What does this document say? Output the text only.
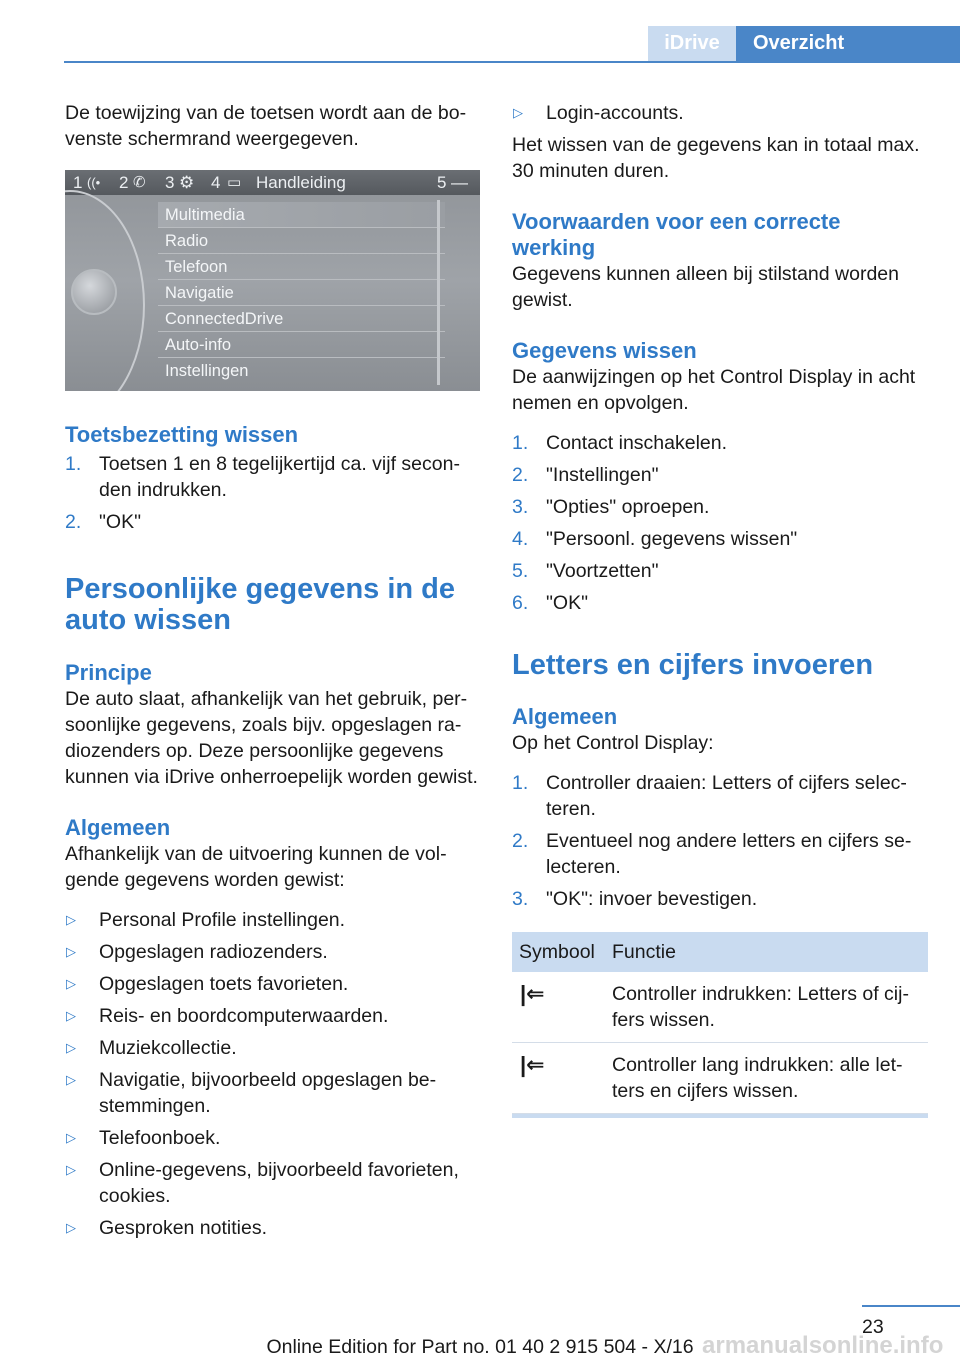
iDrive	Overzicht

De toewijzing van de toetsen wordt aan de bovenste schermrand weergegeven.

1 ((• 2 ✆ 3 ⚙ 4 ▭ Handleiding	5 —
Multimedia
Radio
Telefoon
Navigatie
ConnectedDrive
Auto-info
Instellingen
Toetsbezetting wissen
1. Toetsen 1 en 8 tegelijkertijd ca. vijf seconden indrukken.
2. "OK"
Persoonlijke gegevens in de auto wissen
Principe

De auto slaat, afhankelijk van het gebruik, persoonlijke gegevens, zoals bijv. opgeslagen radiozenders op. Deze persoonlijke gegevens kunnen via iDrive onherroepelijk worden gewist.

Algemeen

Afhankelijk van de uitvoering kunnen de volgende gegevens worden gewist:

▷ Personal Profile instellingen.
▷ Opgeslagen radiozenders.
▷ Opgeslagen toets favorieten.
▷ Reis- en boordcomputerwaarden.
▷ Muziekcollectie.
▷ Navigatie, bijvoorbeeld opgeslagen bestemmingen.
▷ Telefoonboek.
▷ Online-gegevens, bijvoorbeeld favorieten, cookies.
▷ Gesproken notities.
▷ Login-accounts.

Het wissen van de gegevens kan in totaal max. 30 minuten duren.

Voorwaarden voor een correcte werking

Gegevens kunnen alleen bij stilstand worden gewist.

Gegevens wissen

De aanwijzingen op het Control Display in acht nemen en opvolgen.

1. Contact inschakelen.
2. "Instellingen"
3. "Opties" oproepen.
4. "Persoonl. gegevens wissen"
5. "Voortzetten"
6. "OK"
Letters en cijfers invoeren
Algemeen

Op het Control Display:

1. Controller draaien: Letters of cijfers selecteren.
2. Eventueel nog andere letters en cijfers selecteren.
3. "OK": invoer bevestigen.
Symbool	Functie
|⇐	Controller indrukken: Letters of cijfers wissen.
|⇐	Controller lang indrukken: alle letters en cijfers wissen.
23
armanualsonline.info
Online Edition for Part no. 01 40 2 915 504 - X/16
